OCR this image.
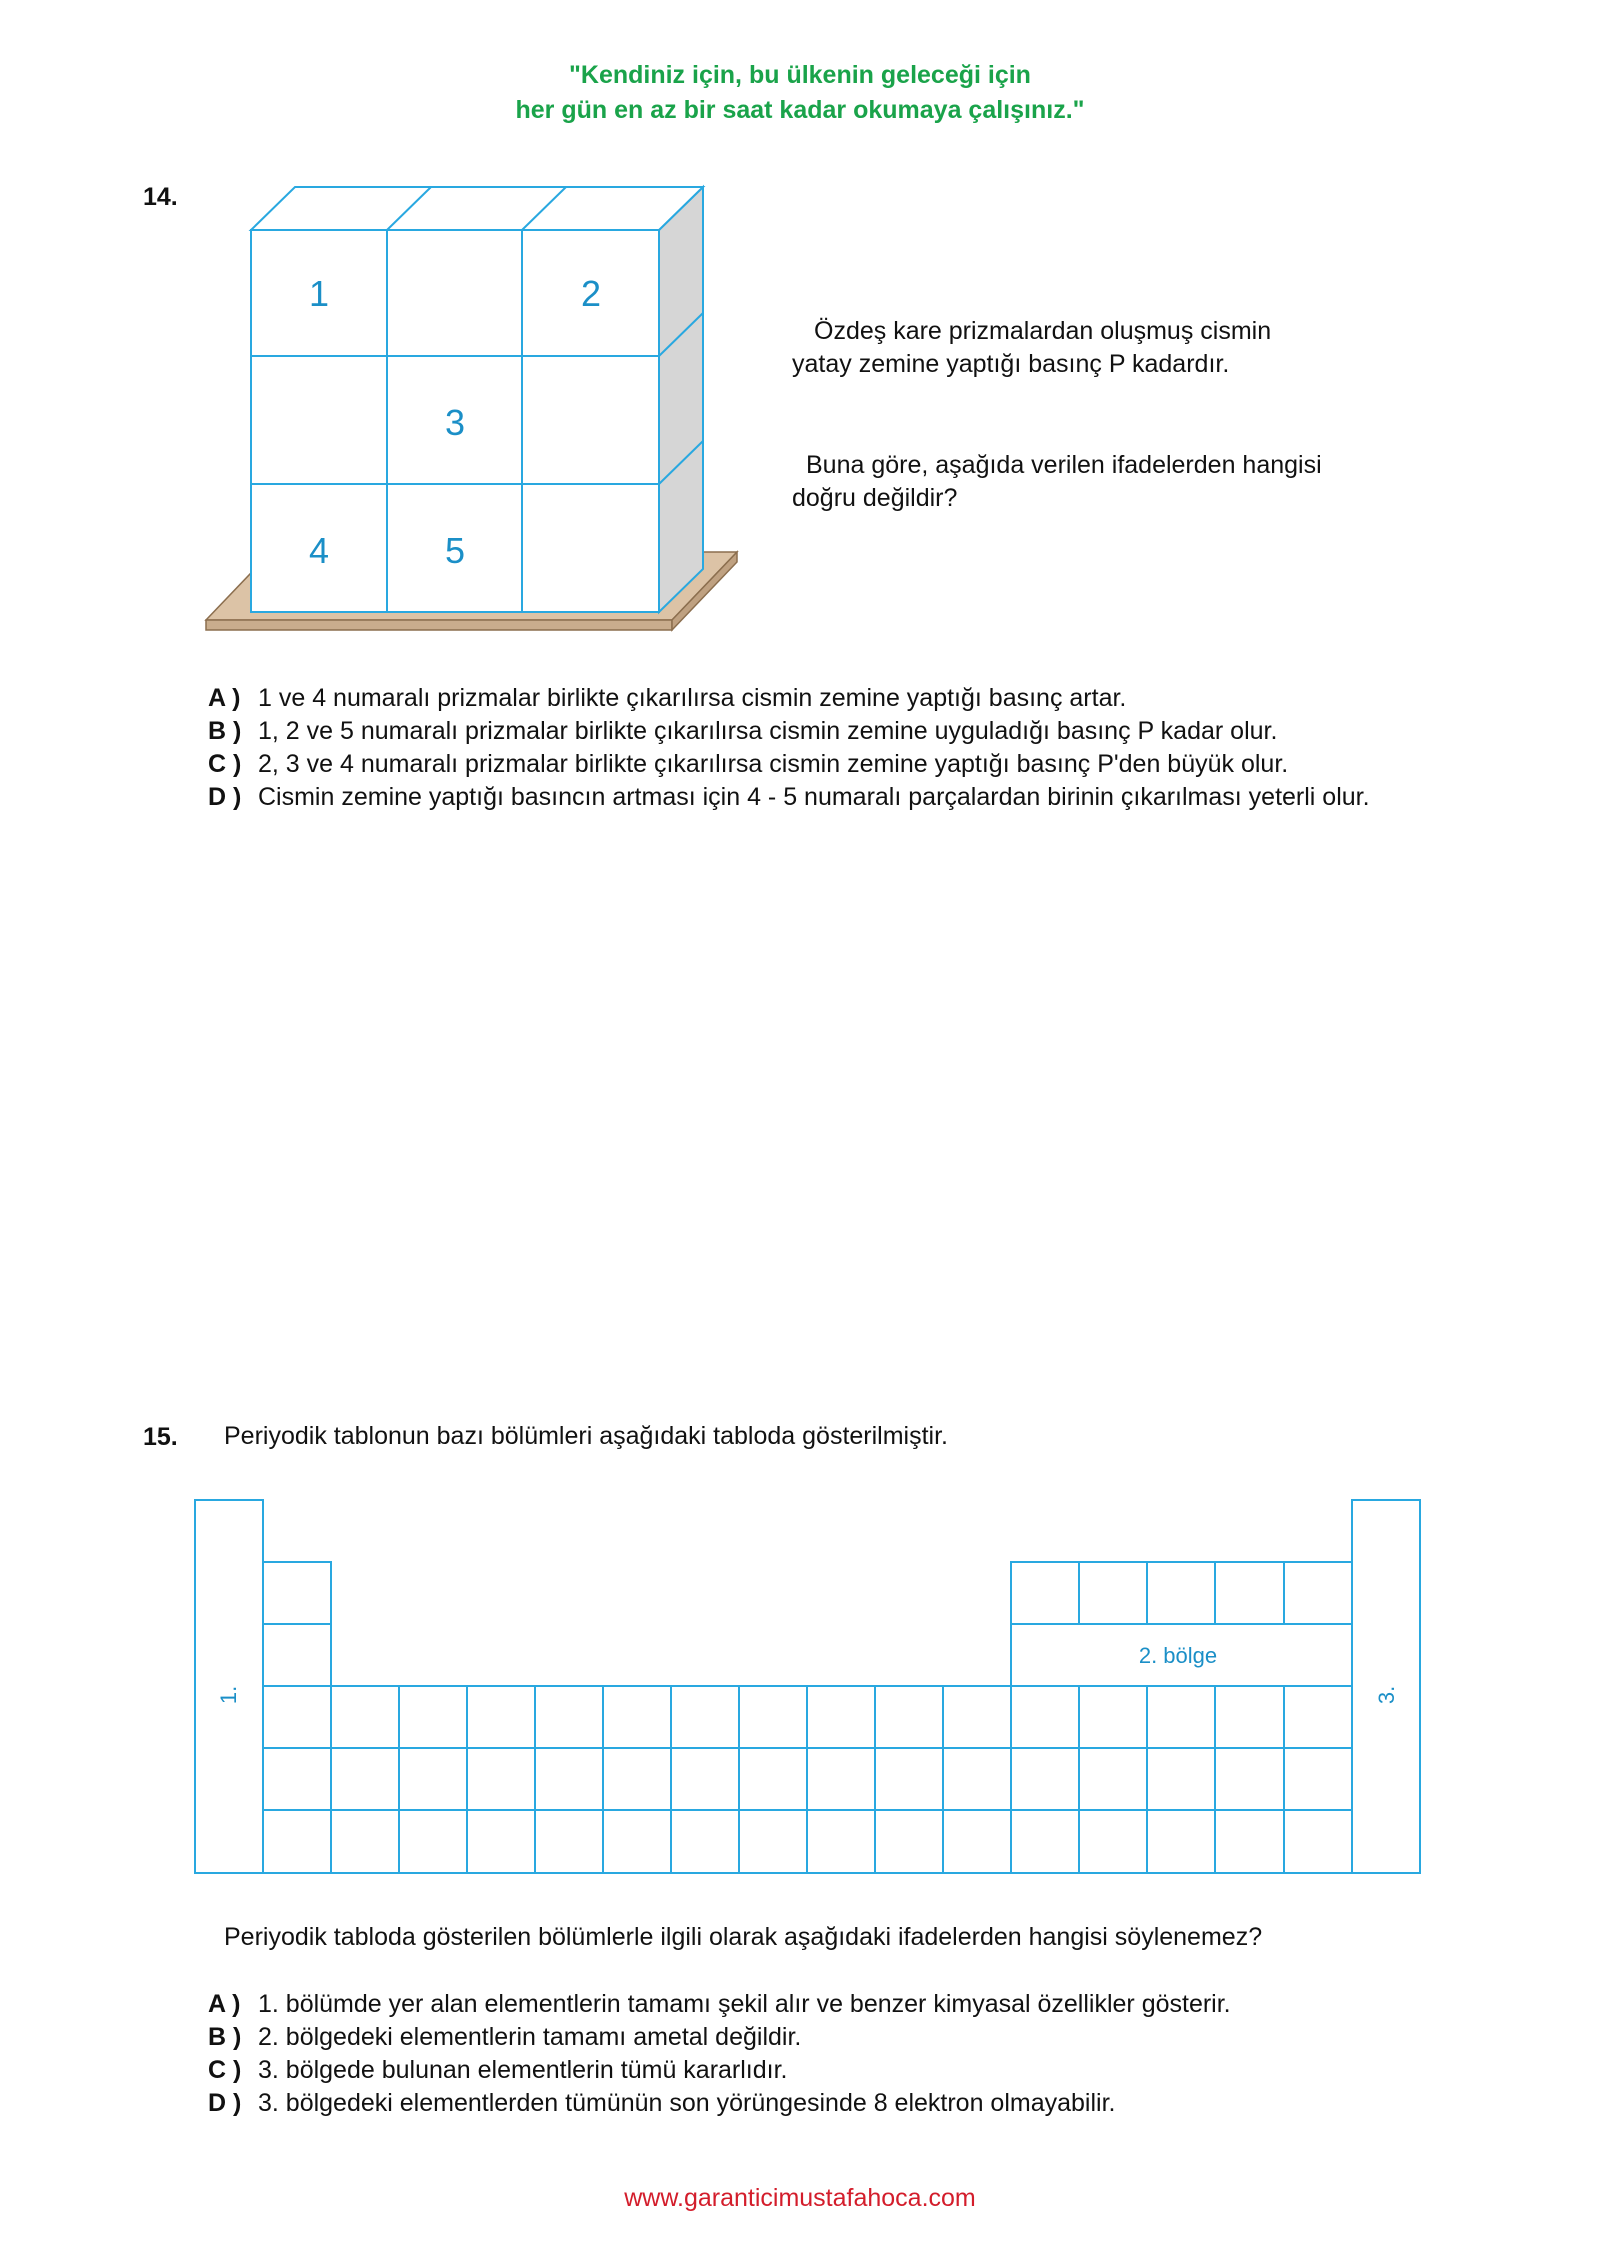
"Kendiniz için, bu ülkenin geleceği için
her gün en az bir saat kadar okumaya çalışınız."
14.
1	2
3
4	5
Özdeş kare prizmalardan oluşmuş cismin
yatay zemine yaptığı basınç P kadardır.
Buna göre, aşağıda verilen ifadelerden hangisi
doğru değildir?
A ) 1 ve 4 numaralı prizmalar birlikte çıkarılırsa cismin zemine yaptığı basınç artar.
B ) 1, 2 ve 5 numaralı prizmalar birlikte çıkarılırsa cismin zemine uyguladığı basınç P kadar olur.
C ) 2, 3 ve 4 numaralı prizmalar birlikte çıkarılırsa cismin zemine yaptığı basınç P'den büyük olur.
D ) Cismin zemine yaptığı basıncın artması için 4 - 5 numaralı parçalardan birinin çıkarılması yeterli olur.
15. Periyodik tablonun bazı bölümleri aşağıdaki tabloda gösterilmiştir.
1.
2. bölge
3.
Periyodik tabloda gösterilen bölümlerle ilgili olarak aşağıdaki ifadelerden hangisi söylenemez?
A ) 1. bölümde yer alan elementlerin tamamı şekil alır ve benzer kimyasal özellikler gösterir.
B ) 2. bölgedeki elementlerin tamamı ametal değildir.
C ) 3. bölgede bulunan elementlerin tümü kararlıdır.
D ) 3. bölgedeki elementlerden tümünün son yörüngesinde 8 elektron olmayabilir.
www.garanticimustafahoca.com
